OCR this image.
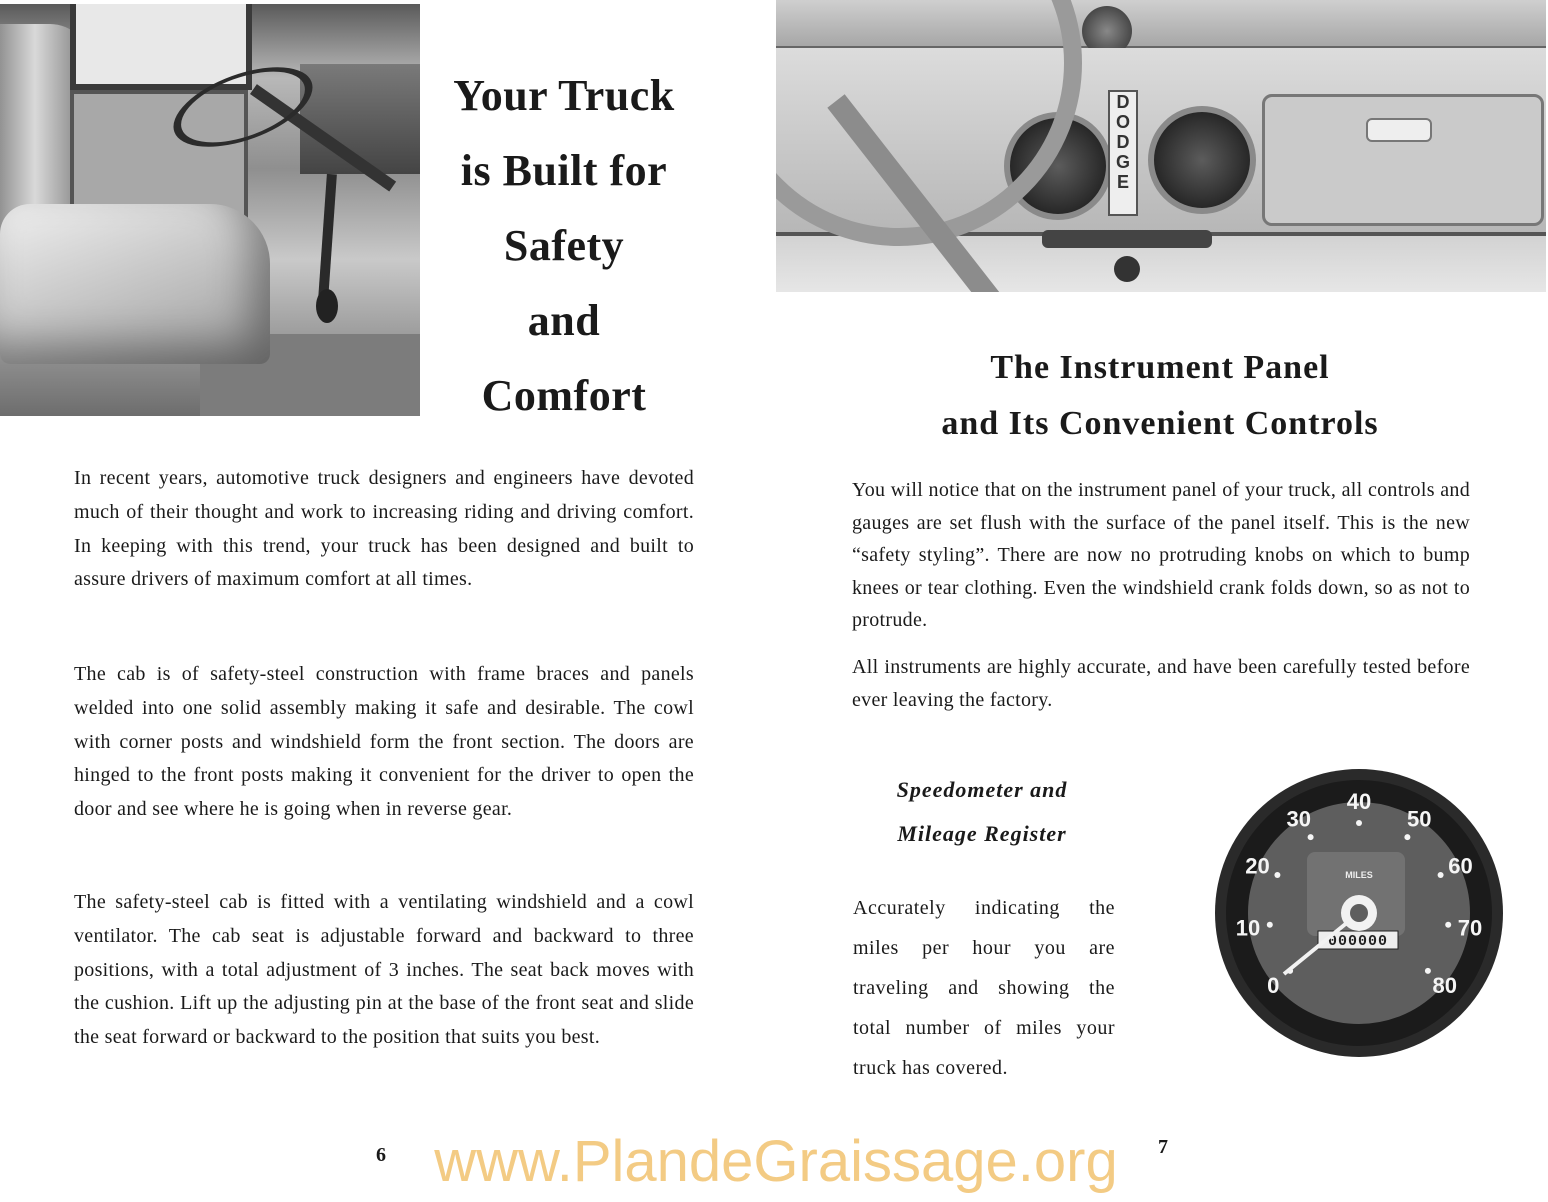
Your Truck
is Built for
Safety
and
Comfort

In recent years, automotive truck designers and engineers have devoted much of their thought and work to increasing riding and driving comfort. In keeping with this trend, your truck has been designed and built to assure drivers of maximum comfort at all times.

The cab is of safety-steel construction with frame braces and panels welded into one solid assembly making it safe and desirable. The cowl with corner posts and windshield form the front section. The doors are hinged to the front posts making it convenient for the driver to open the door and see where he is going when in reverse gear.

The safety-steel cab is fitted with a ventilating windshield and a cowl ventilator. The cab seat is adjustable forward and backward to three positions, with a total adjustment of 3 inches. The seat back moves with the cushion. Lift up the adjusting pin at the base of the front seat and slide the seat forward or backward to the position that suits you best.

D
O
D
G
E
The Instrument Panel
and Its Convenient Controls

You will notice that on the instrument panel of your truck, all controls and gauges are set flush with the surface of the panel itself. This is the new “safety styling”. There are now no protruding knobs on which to bump knees or tear clothing. Even the windshield crank folds down, so as not to protrude.

All instruments are highly accurate, and have been carefully tested before ever leaving the factory.

Speedometer and
Mileage Register

Accurately indicating the miles per hour you are traveling and showing the total number of miles your truck has covered.

0
10
20
30
40
50
60
70
80
MILES
000000
6	7
www.PlandeGraissage.org
